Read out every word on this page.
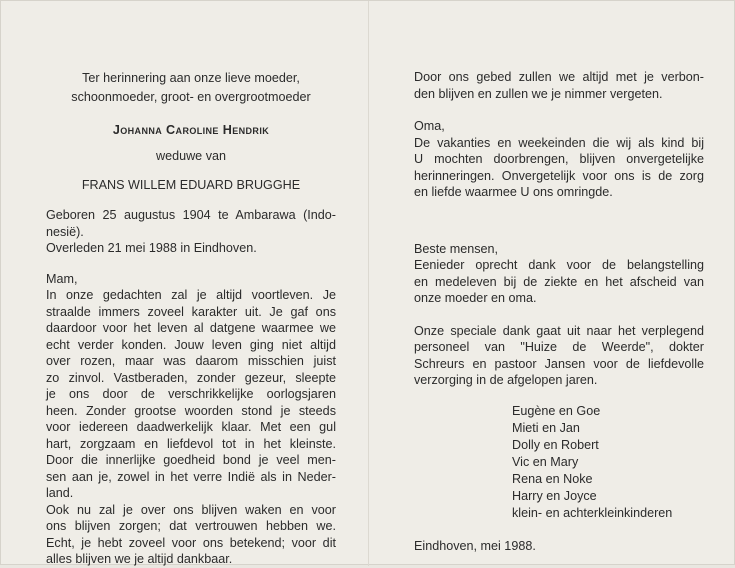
Ter herinnering aan onze lieve moeder,
schoonmoeder, groot- en overgrootmoeder
Johanna Caroline Hendrik
weduwe van
FRANS WILLEM EDUARD BRUGGHE
Geboren 25 augustus 1904 te Ambarawa (Indo-
nesië).
Overleden 21 mei 1988 in Eindhoven.
Mam,
In onze gedachten zal je altijd voortleven. Je
straalde immers zoveel karakter uit. Je gaf ons
daardoor voor het leven al datgene waarmee we
echt verder konden. Jouw leven ging niet altijd
over rozen, maar was daarom misschien juist
zo zinvol. Vastberaden, zonder gezeur, sleepte
je ons door de verschrikkelijke oorlogsjaren
heen. Zonder grootse woorden stond je steeds
voor iedereen daadwerkelijk klaar. Met een gul
hart, zorgzaam en liefdevol tot in het kleinste.
Door die innerlijke goedheid bond je veel men-
sen aan je, zowel in het verre Indië als in Neder-
land.
Ook nu zal je over ons blijven waken en voor
ons blijven zorgen; dat vertrouwen hebben we.
Echt, je hebt zoveel voor ons betekend; voor dit
alles blijven we je altijd dankbaar.
Door ons gebed zullen we altijd met je verbon-
den blijven en zullen we je nimmer vergeten.
Oma,
De vakanties en weekeinden die wij als kind bij
U mochten doorbrengen, blijven onvergetelijke
herinneringen. Onvergetelijk voor ons is de zorg
en liefde waarmee U ons omringde.
Beste mensen,
Eenieder oprecht dank voor de belangstelling
en medeleven bij de ziekte en het afscheid van
onze moeder en oma.
Onze speciale dank gaat uit naar het verplegend
personeel van "Huize de Weerde", dokter
Schreurs en pastoor Jansen voor de liefdevolle
verzorging in de afgelopen jaren.
Eugène en Goe
Mieti en Jan
Dolly en Robert
Vic en Mary
Rena en Noke
Harry en Joyce
klein- en achterkleinkinderen
Eindhoven, mei 1988.
